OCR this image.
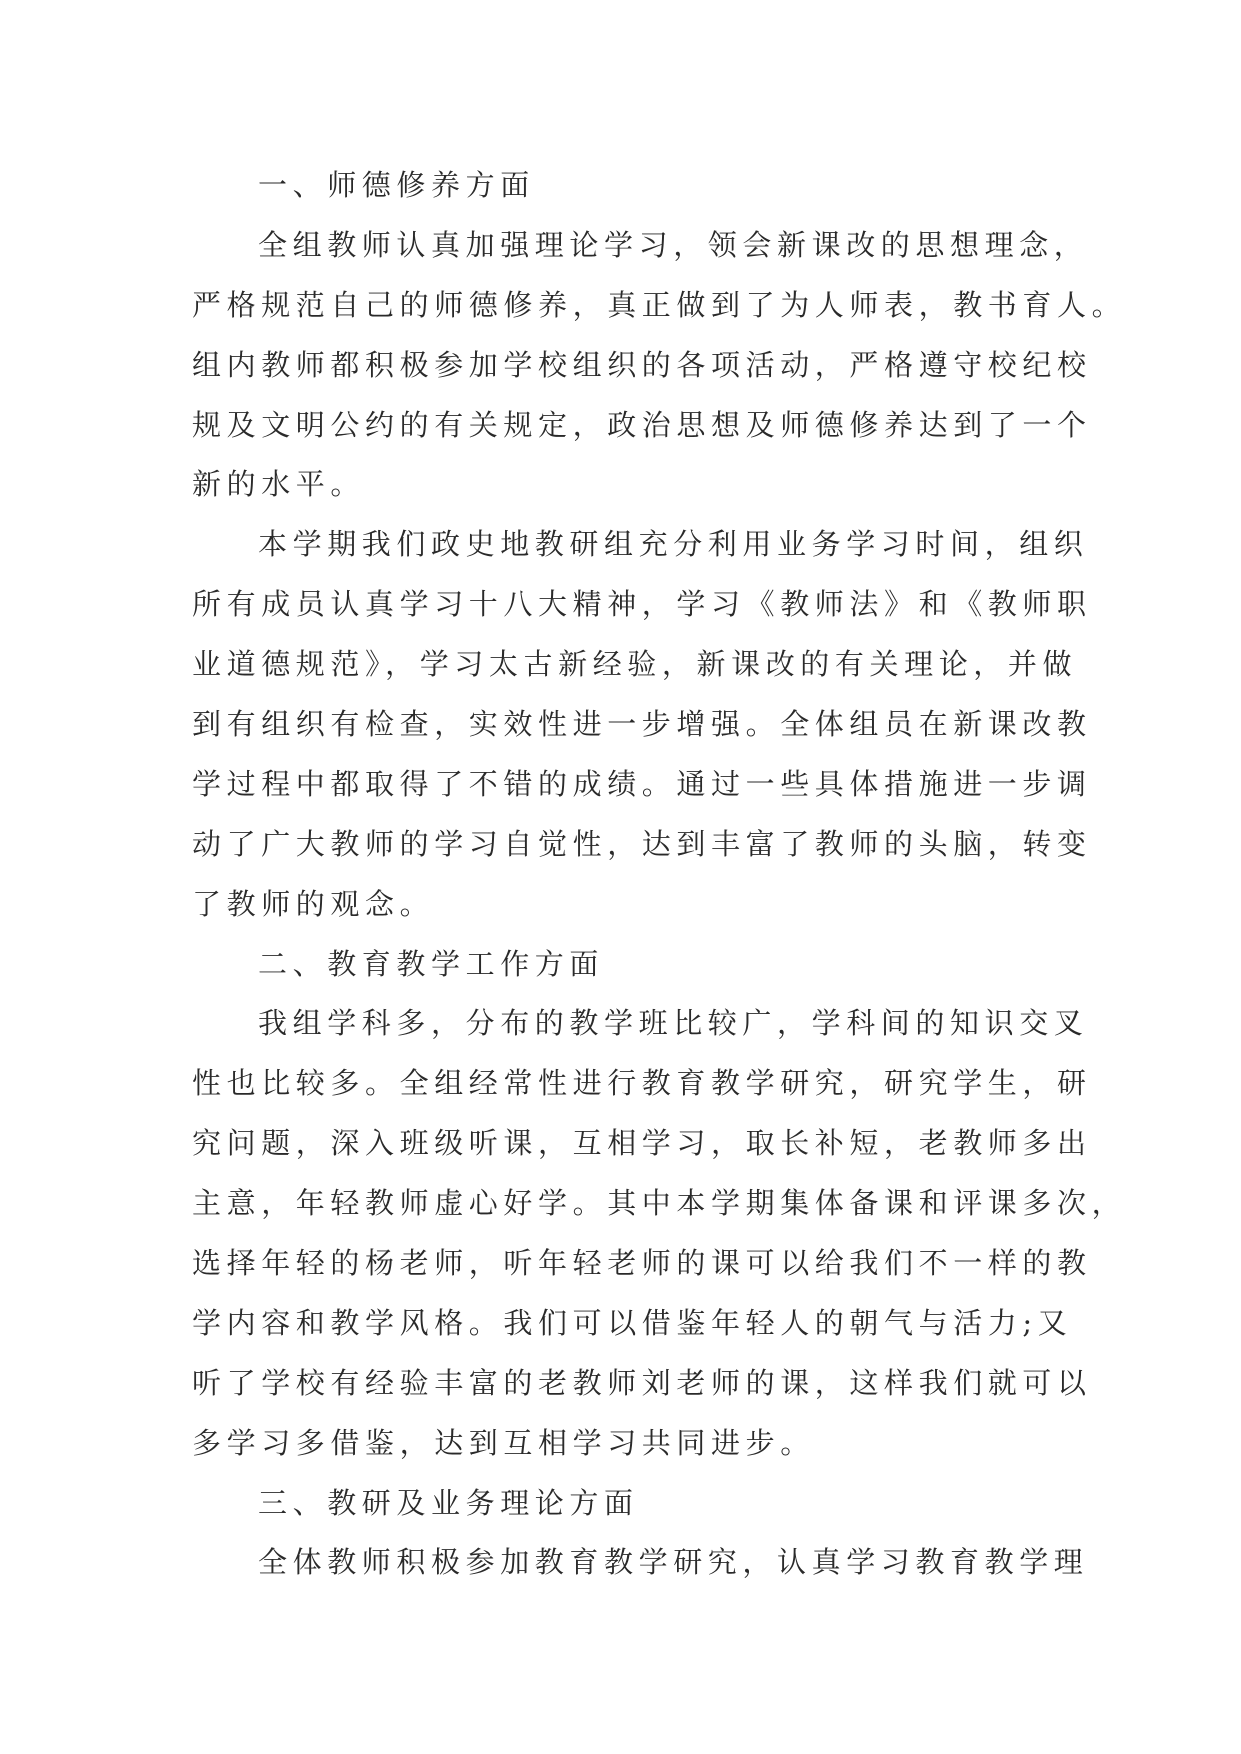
一、师德修养方面
全组教师认真加强理论学习，领会新课改的思想理念，
严格规范自己的师德修养，真正做到了为人师表，教书育人。
组内教师都积极参加学校组织的各项活动，严格遵守校纪校
规及文明公约的有关规定，政治思想及师德修养达到了一个
新的水平。
本学期我们政史地教研组充分利用业务学习时间，组织
所有成员认真学习十八大精神，学习《教师法》和《教师职
业道德规范》，学习太古新经验，新课改的有关理论，并做
到有组织有检查，实效性进一步增强。全体组员在新课改教
学过程中都取得了不错的成绩。通过一些具体措施进一步调
动了广大教师的学习自觉性，达到丰富了教师的头脑，转变
了教师的观念。
二、教育教学工作方面
我组学科多，分布的教学班比较广，学科间的知识交叉
性也比较多。全组经常性进行教育教学研究，研究学生，研
究问题，深入班级听课，互相学习，取长补短，老教师多出
主意，年轻教师虚心好学。其中本学期集体备课和评课多次，
选择年轻的杨老师，听年轻老师的课可以给我们不一样的教
学内容和教学风格。我们可以借鉴年轻人的朝气与活力;又
听了学校有经验丰富的老教师刘老师的课，这样我们就可以
多学习多借鉴，达到互相学习共同进步。
三、教研及业务理论方面
全体教师积极参加教育教学研究，认真学习教育教学理
